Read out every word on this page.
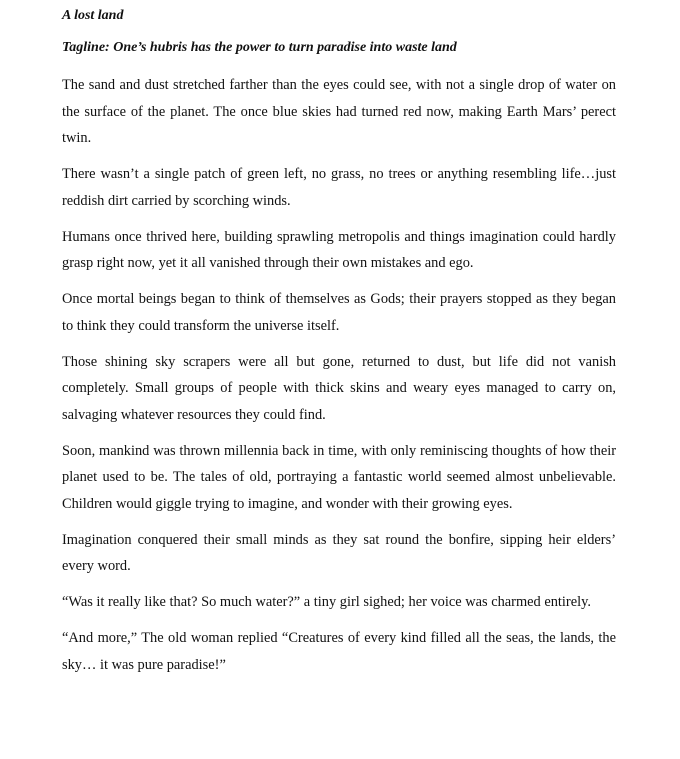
A lost land
Tagline: One’s hubris has the power to turn paradise into waste land

The sand and dust stretched farther than the eyes could see, with not a single drop of water on the surface of the planet. The once blue skies had turned red now, making Earth Mars’ perect twin.

There wasn’t a single patch of green left, no grass, no trees or anything resembling life…just reddish dirt carried by scorching winds.

Humans once thrived here, building sprawling metropolis and things imagination could hardly grasp right now, yet it all vanished through their own mistakes and ego.

Once mortal beings began to think of themselves as Gods; their prayers stopped as they began to think they could transform the universe itself.

Those shining sky scrapers were all but gone, returned to dust, but life did not vanish completely. Small groups of people with thick skins and weary eyes managed to carry on, salvaging whatever resources they could find.

Soon, mankind was thrown millennia back in time, with only reminiscing thoughts of how their planet used to be. The tales of old, portraying a fantastic world seemed almost unbelievable. Children would giggle trying to imagine, and wonder with their growing eyes.

Imagination conquered their small minds as they sat round the bonfire, sipping heir elders’ every word.

“Was it really like that? So much water?” a tiny girl sighed; her voice was charmed entirely.

“And more,” The old woman replied “Creatures of every kind filled all the seas, the lands, the sky… it was pure paradise!”
